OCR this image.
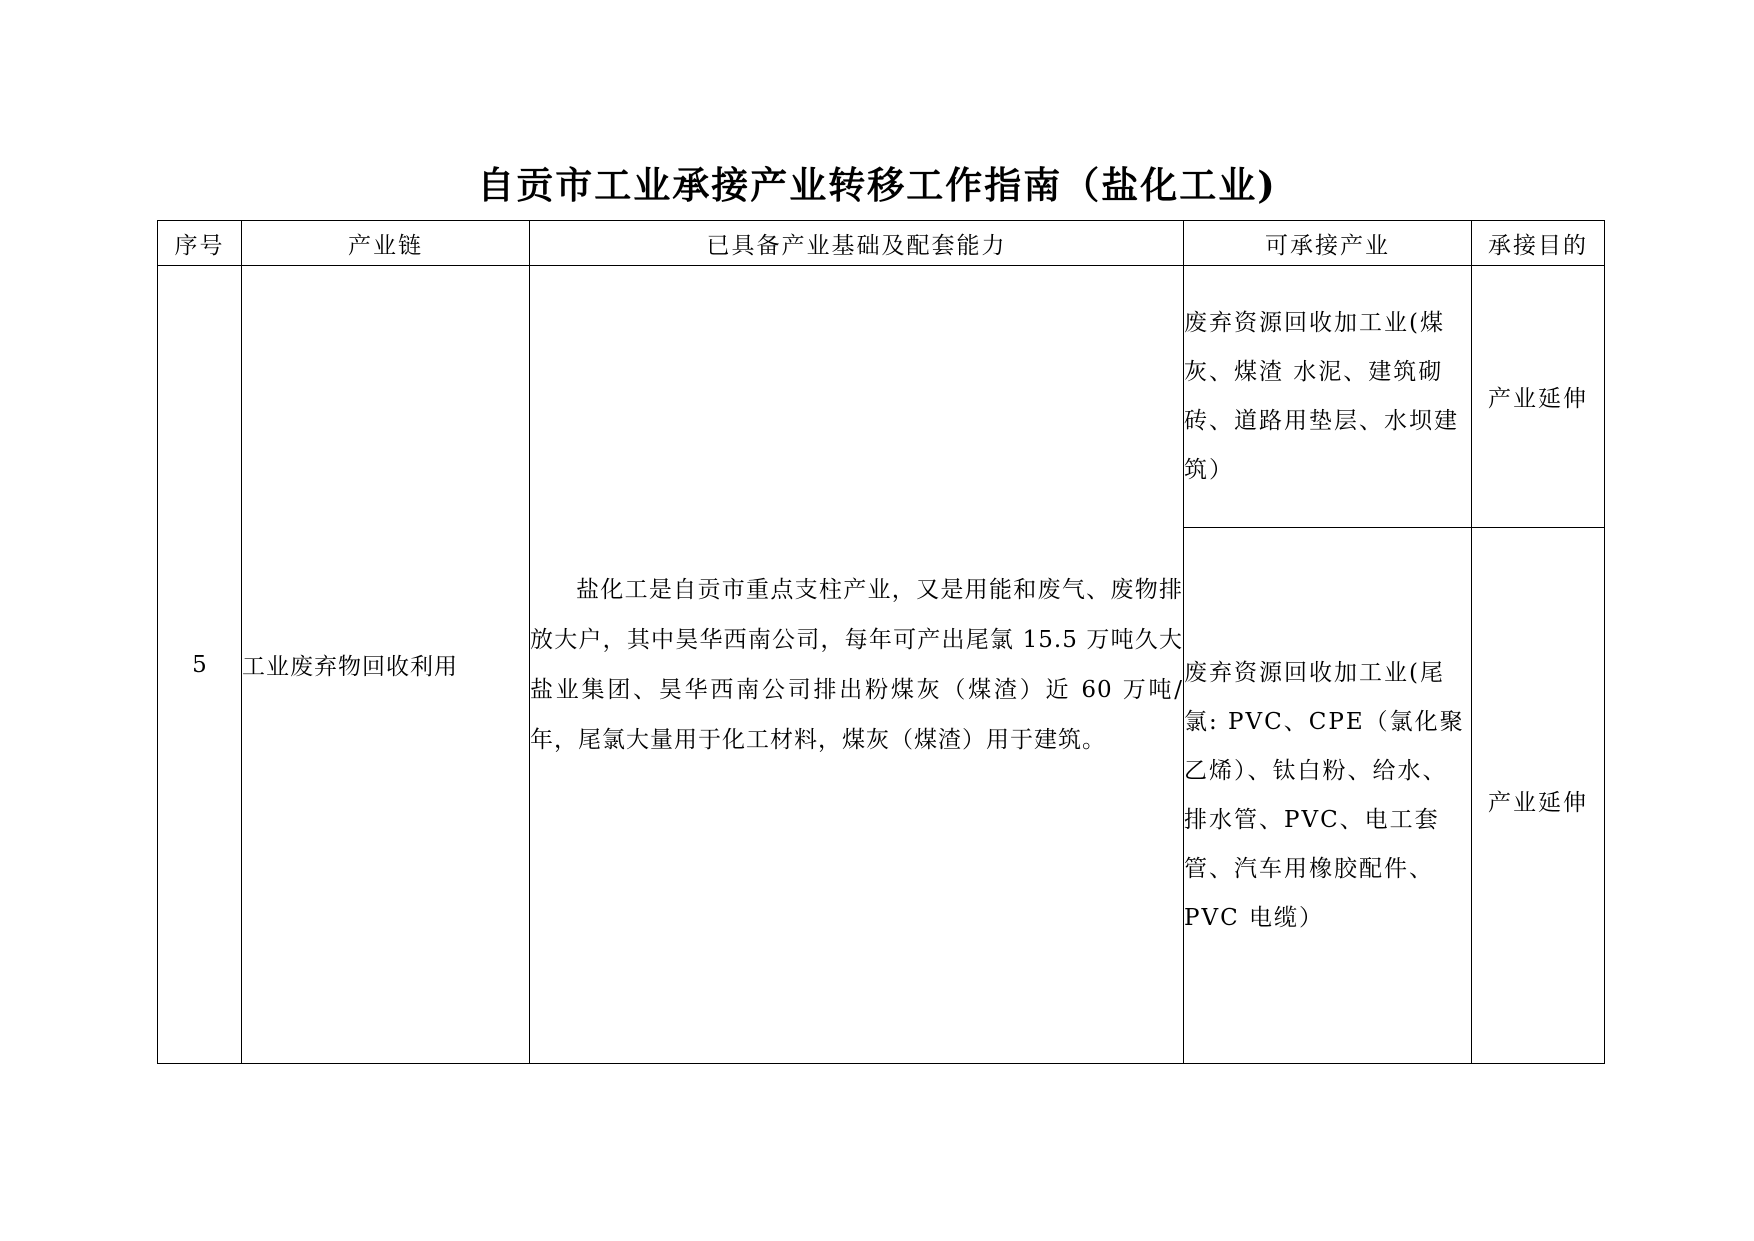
自贡市工业承接产业转移工作指南（盐化工业)
序号	产业链	已具备产业基础及配套能力	可承接产业	承接目的
5	工业废弃物回收利用	盐化工是自贡市重点支柱产业，又是用能和废气、废物排放大户，其中昊华西南公司，每年可产出尾氯 15.5 万吨久大盐业集团、昊华西南公司排出粉煤灰（煤渣）近 60 万吨/年，尾氯大量用于化工材料，煤灰（煤渣）用于建筑。	废弃资源回收加工业(煤灰、煤渣 水泥、建筑砌砖、道路用垫层、水坝建筑）	产业延伸

			废弃资源回收加工业(尾氯: PVC、CPE（氯化聚乙烯）、钛白粉、给水、排水管、PVC、电工套管、汽车用橡胶配件、PVC 电缆）	产业延伸
